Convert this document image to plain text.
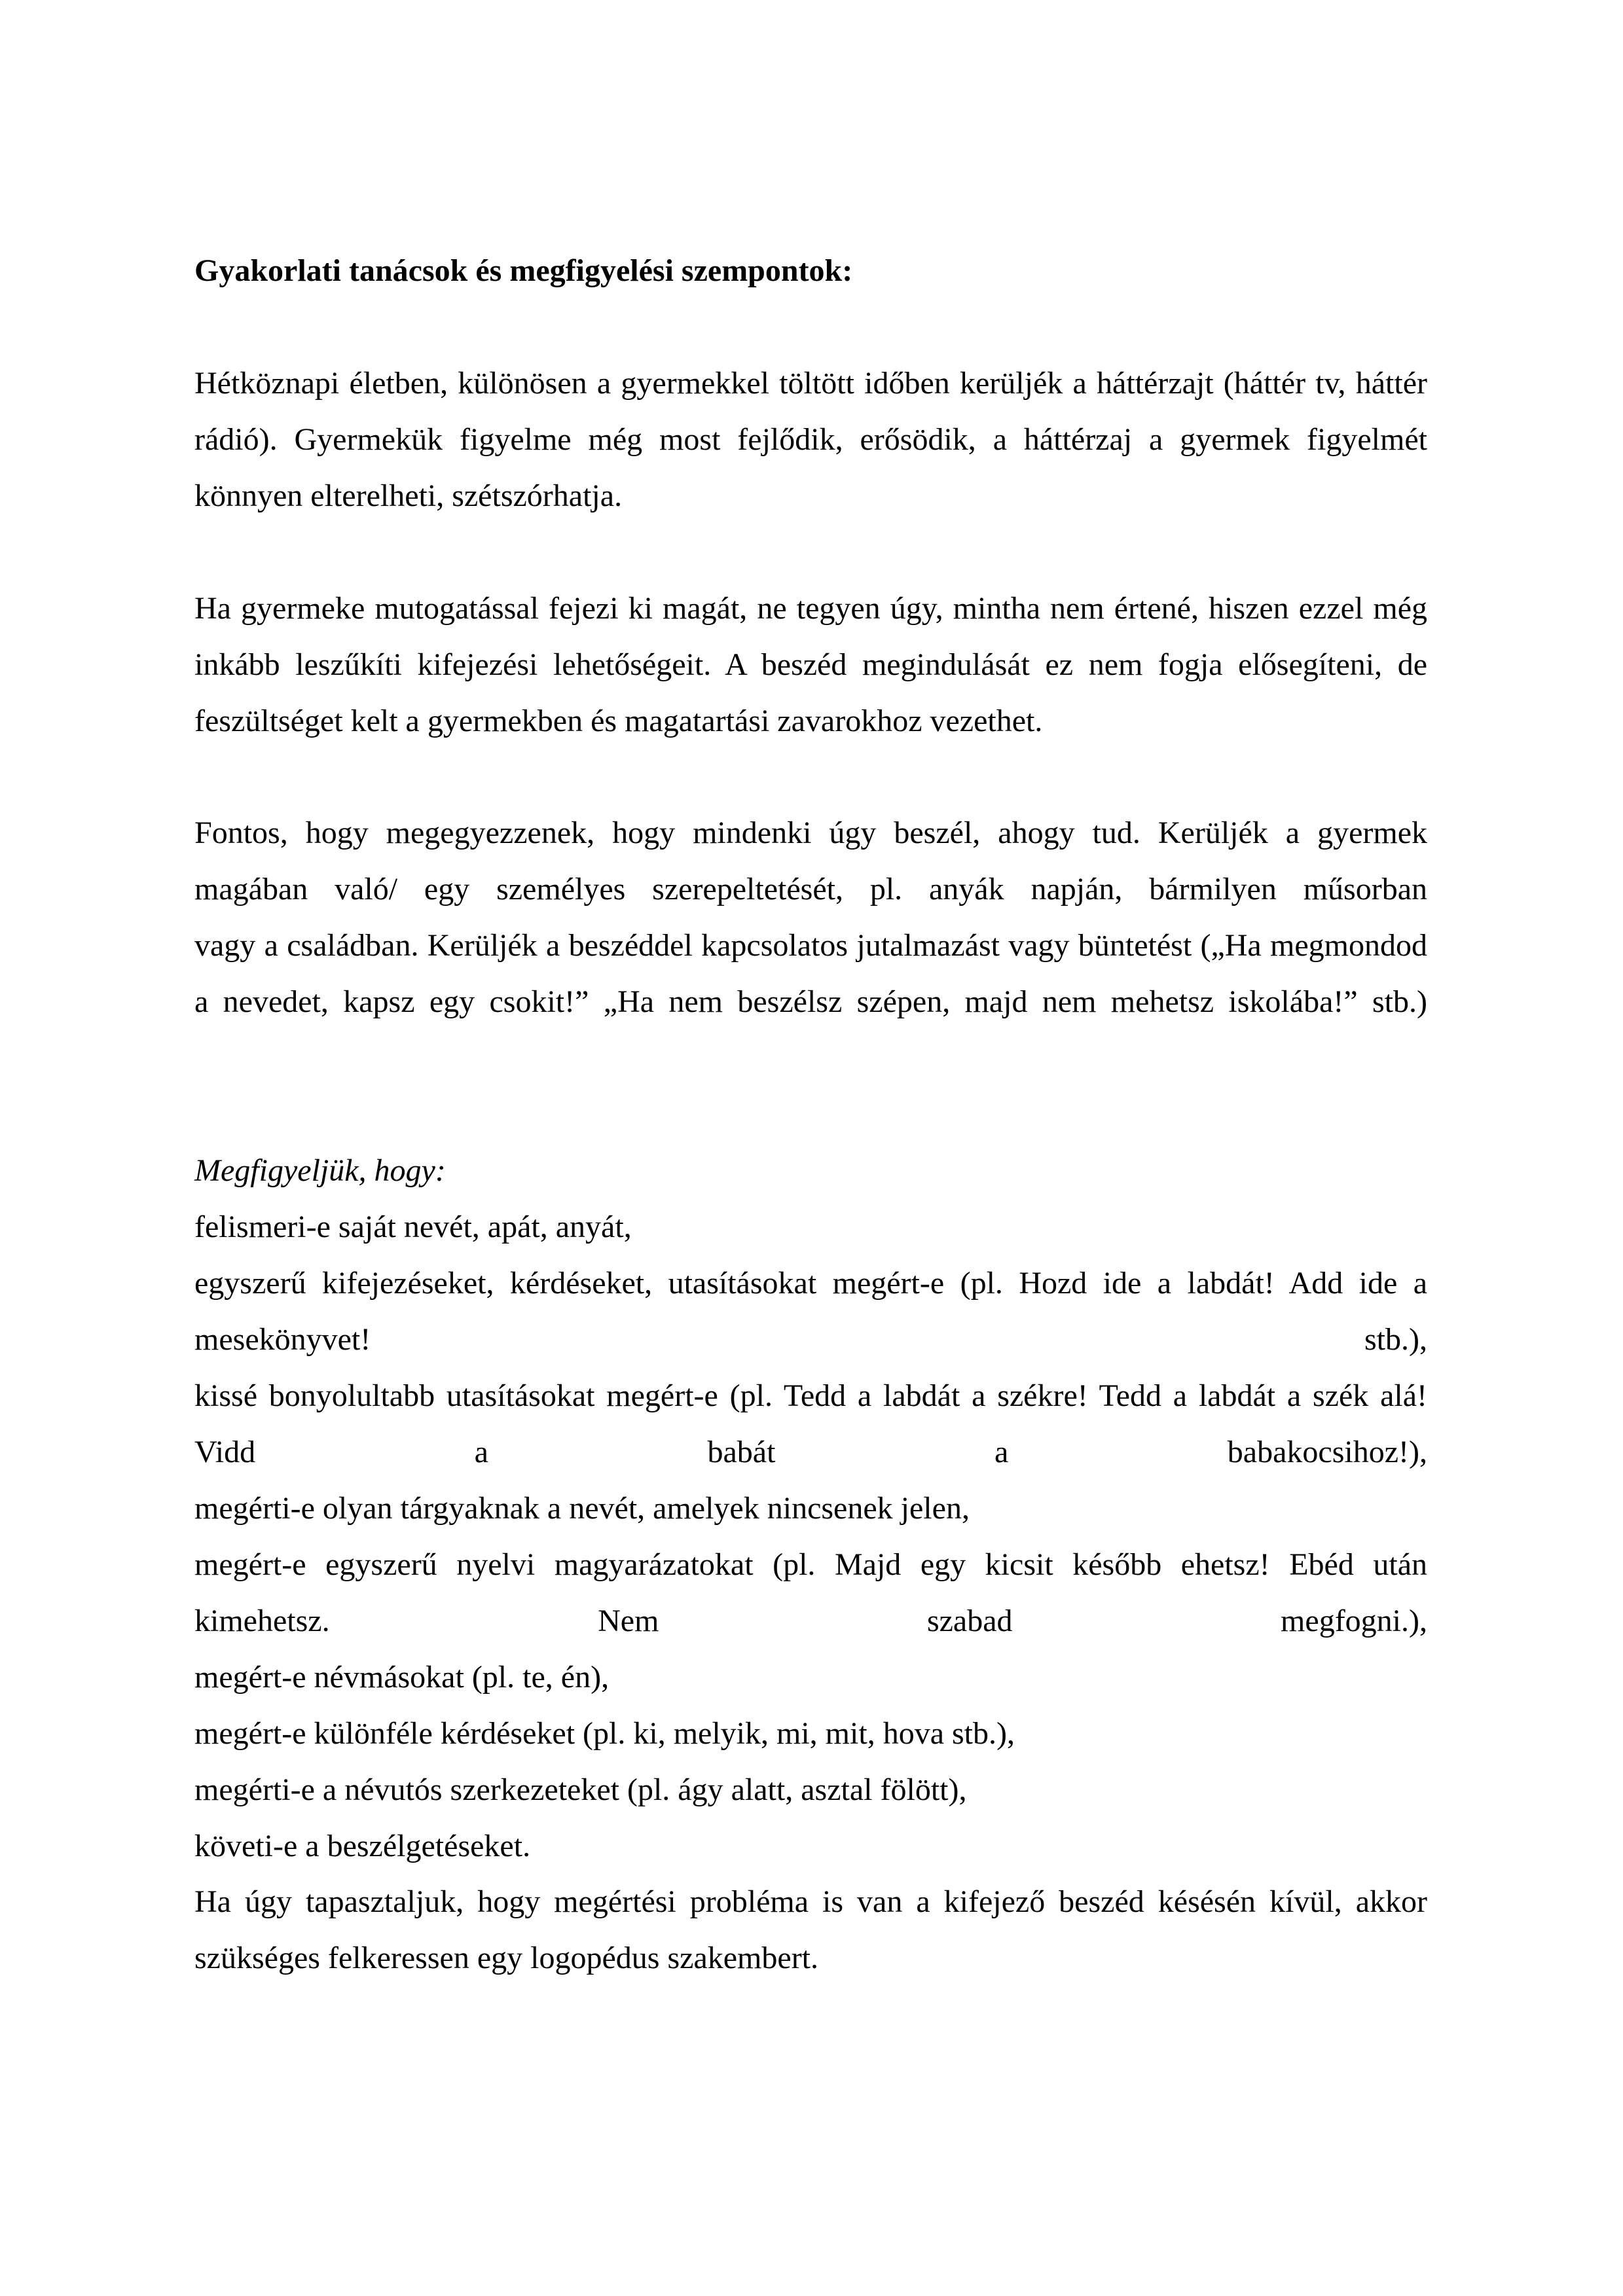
Gyakorlati tanácsok és megfigyelési szempontok:

Hétköznapi életben, különösen a gyermekkel töltött időben kerüljék a háttérzajt (háttér tv, háttér rádió). Gyermekük figyelme még most fejlődik, erősödik, a háttérzaj a gyermek figyelmét könnyen elterelheti, szétszórhatja.

Ha gyermeke mutogatással fejezi ki magát, ne tegyen úgy, mintha nem értené, hiszen ezzel még inkább leszűkíti kifejezési lehetőségeit. A beszéd megindulását ez nem fogja elősegíteni, de feszültséget kelt a gyermekben és magatartási zavarokhoz vezethet.

Fontos, hogy megegyezzenek, hogy mindenki úgy beszél, ahogy tud. Kerüljék a gyermek magában való/ egy személyes szerepeltetését, pl. anyák napján, bármilyen műsorban
vagy a családban. Kerüljék a beszéddel kapcsolatos jutalmazást vagy büntetést („Ha megmondod a nevedet, kapsz egy csokit!” „Ha nem beszélsz szépen, majd nem mehetsz iskolába!” stb.)

Megfigyeljük, hogy:

felismeri-e saját nevét, apát, anyát,
egyszerű kifejezéseket, kérdéseket, utasításokat megért-e (pl. Hozd ide a labdát! Add ide a mesekönyvet! stb.),
kissé bonyolultabb utasításokat megért-e (pl. Tedd a labdát a székre! Tedd a labdát a szék alá! Vidd a babát a babakocsihoz!),
megérti-e olyan tárgyaknak a nevét, amelyek nincsenek jelen,
megért-e egyszerű nyelvi magyarázatokat (pl. Majd egy kicsit később ehetsz! Ebéd után kimehetsz. Nem szabad megfogni.),
megért-e névmásokat (pl. te, én),
megért-e különféle kérdéseket (pl. ki, melyik, mi, mit, hova stb.),
megérti-e a névutós szerkezeteket (pl. ágy alatt, asztal fölött),
követi-e a beszélgetéseket.

Ha úgy tapasztaljuk, hogy megértési probléma is van a kifejező beszéd késésén kívül, akkor szükséges felkeressen egy logopédus szakembert.
